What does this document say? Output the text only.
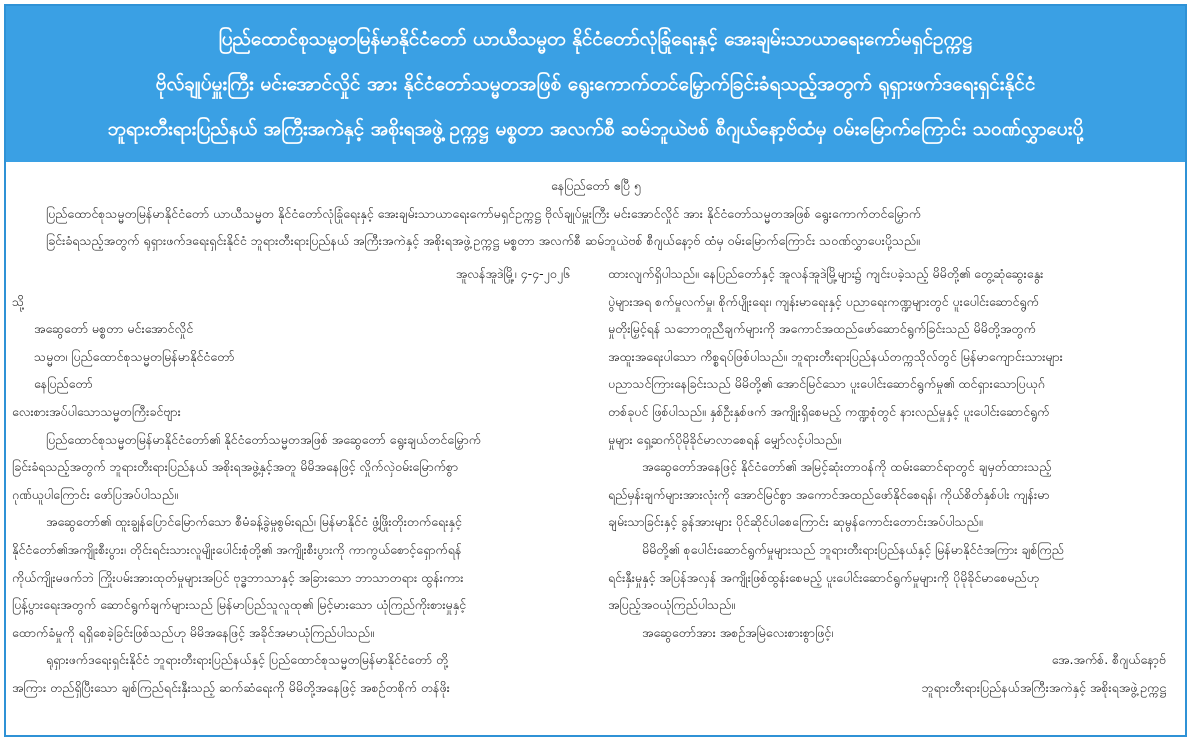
ပြည်ထောင်စုသမ္မတမြန်မာနိုင်ငံတော် ယာယီသမ္မတ နိုင်ငံတော်လုံခြုံရေးနှင့် အေးချမ်းသာယာရေးကော်မရှင်ဥက္ကဋ္ဌ
ဗိုလ်ချုပ်မှူးကြီး မင်းအောင်လှိုင် အား နိုင်ငံတော်သမ္မတအဖြစ် ရွေးကောက်တင်မြှောက်ခြင်းခံရသည့်အတွက် ရုရှားဖက်ဒရေးရှင်းနိုင်ငံ
ဘူရားတီးရားပြည်နယ် အကြီးအကဲနှင့် အစိုးရအဖွဲ့ ဥက္ကဋ္ဌ မစ္စတာ အလက်စီ ဆမ်ဘူယဲဗစ် စီဂျယ်နော့ဗ်ထံမှ ဝမ်းမြောက်ကြောင်း သဝဏ်လွှာပေးပို့
နေပြည်တော် ဧပြီ ၅

ပြည်ထောင်စုသမ္မတမြန်မာနိုင်ငံတော် ယာယီသမ္မတ နိုင်ငံတော်လုံခြုံရေးနှင့် အေးချမ်းသာယာရေးကော်မရှင်ဥက္ကဋ္ဌ ဗိုလ်ချုပ်မှူးကြီး မင်းအောင်လှိုင် အား နိုင်ငံတော်သမ္မတအဖြစ် ရွေးကောက်တင်မြှောက်

ခြင်းခံရသည့်အတွက် ရုရှားဖက်ဒရေးရှင်းနိုင်ငံ ဘူရားတီးရားပြည်နယ် အကြီးအကဲနှင့် အစိုးရအဖွဲ့ဥက္ကဋ္ဌ မစ္စတာ အလက်စီ ဆမ်ဘူယဲဗစ် စီဂျယ်နော့ဗ် ထံမှ ဝမ်းမြောက်ကြောင်း သဝဏ်လွှာပေးပို့သည်။

အူလန်အူဒဲမြို့၊ ၄-၄-၂၀၂၆

သို့

အဆွေတော် မစ္စတာ မင်းအောင်လှိုင်

သမ္မတ၊ ပြည်ထောင်စုသမ္မတမြန်မာနိုင်ငံတော်

နေပြည်တော်

လေးစားအပ်ပါသောသမ္မတကြီးခင်ဗျား

ပြည်ထောင်စုသမ္မတမြန်မာနိုင်ငံတော်၏ နိုင်ငံတော်သမ္မတအဖြစ် အဆွေတော် ရွေးချယ်တင်မြှောက်

ခြင်းခံရသည့်အတွက် ဘူရားတီးရားပြည်နယ် အစိုးရအဖွဲ့နှင့်အတူ မိမိအနေဖြင့် လှိုက်လှဲဝမ်းမြောက်စွာ

ဂုဏ်ယူပါကြောင်း ဖော်ပြအပ်ပါသည်။

အဆွေတော်၏ ထူးချွန်ပြောင်မြောက်သော စီမံခန့်ခွဲမှုစွမ်းရည်၊ မြန်မာနိုင်ငံ ဖွံ့ဖြိုးတိုးတက်ရေးနှင့်

နိုင်ငံတော်၏အကျိုးစီးပွား၊ တိုင်းရင်းသားလူမျိုးပေါင်းစုံတို့၏ အကျိုးစီးပွားကို ကာကွယ်စောင့်ရှောက်ရန်

ကိုယ်ကျိုးမဖက်ဘဲ ကြိုးပမ်းအားထုတ်မှုများအပြင် ဗုဒ္ဓဘာသာနှင့် အခြားသော ဘာသာတရား ထွန်းကား

ပြန့်ပွားရေးအတွက် ဆောင်ရွက်ချက်များသည် မြန်မာပြည်သူလူထု၏ မြင့်မားသော ယုံကြည်ကိုးစားမှုနှင့်

ထောက်ခံမှုကို ရရှိစေခဲ့ခြင်းဖြစ်သည်ဟု မိမိအနေဖြင့် အခိုင်အမာယုံကြည်ပါသည်။

ရုရှားဖက်ဒရေးရှင်းနိုင်ငံ ဘူရားတီးရားပြည်နယ်နှင့် ပြည်ထောင်စုသမ္မတမြန်မာနိုင်ငံတော် တို့

အကြား တည်ရှိပြီးသော ချစ်ကြည်ရင်းနှီးသည့် ဆက်ဆံရေးကို မိမိတို့အနေဖြင့် အစဉ်တစိုက် တန်ဖိုး

ထားလျက်ရှိပါသည်။ နေပြည်တော်နှင့် အူလန်အူဒဲမြို့များ၌ ကျင်းပခဲ့သည့် မိမိတို့၏ တွေ့ဆုံဆွေးနွေး

ပွဲများအရ စက်မှုလက်မှု၊ စိုက်ပျိုးရေး၊ ကျန်းမာရေးနှင့် ပညာရေးကဏ္ဍများတွင် ပူးပေါင်းဆောင်ရွက်

မှုတိုးမြှင့်ရန် သဘောတူညီချက်များကို အကောင်အထည်ဖော်ဆောင်ရွက်ခြင်းသည် မိမိတို့အတွက်

အထူးအရေးပါသော ကိစ္စရပ်ဖြစ်ပါသည်။ ဘူရားတီးရားပြည်နယ်တက္ကသိုလ်တွင် မြန်မာကျောင်းသားများ

ပညာသင်ကြားနေခြင်းသည် မိမိတို့၏ အောင်မြင်သော ပူးပေါင်းဆောင်ရွက်မှု၏ ထင်ရှားသောပြယုဂ်

တစ်ခုပင် ဖြစ်ပါသည်။ နှစ်ဦးနှစ်ဖက် အကျိုးရှိစေမည့် ကဏ္ဍစုံတွင် နားလည်မှုနှင့် ပူးပေါင်းဆောင်ရွက်

မှုများ ရှေ့ဆက်ပိုမိုခိုင်မာလာစေရန် မျှော်လင့်ပါသည်။

အဆွေတော်အနေဖြင့် နိုင်ငံတော်၏ အမြင့်ဆုံးတာဝန်ကို ထမ်းဆောင်ရာတွင် ချမှတ်ထားသည့်

ရည်မှန်းချက်များအားလုံးကို အောင်မြင်စွာ အကောင်အထည်ဖော်နိုင်စေရန်၊ ကိုယ်စိတ်နှစ်ပါး ကျန်းမာ

ချမ်းသာခြင်းနှင့် ခွန်အားများ ပိုင်ဆိုင်ပါစေကြောင်း ဆုမွန်ကောင်းတောင်းအပ်ပါသည်။

မိမိတို့၏ စုပေါင်းဆောင်ရွက်မှုများသည် ဘူရားတီးရားပြည်နယ်နှင့် မြန်မာနိုင်ငံအကြား ချစ်ကြည်

ရင်းနှီးမှုနှင့် အပြန်အလှန် အကျိုးဖြစ်ထွန်းစေမည့် ပူးပေါင်းဆောင်ရွက်မှုများကို ပိုမိုခိုင်မာစေမည်ဟု

အပြည့်အဝယုံကြည်ပါသည်။

အဆွေတော်အား အစဉ်အမြဲလေးစားစွာဖြင့်၊

အေ.အက်စ်. စီဂျယ်နော့ဗ်

ဘူရားတီးရားပြည်နယ်အကြီးအကဲနှင့် အစိုးရအဖွဲ့ဥက္ကဋ္ဌ
